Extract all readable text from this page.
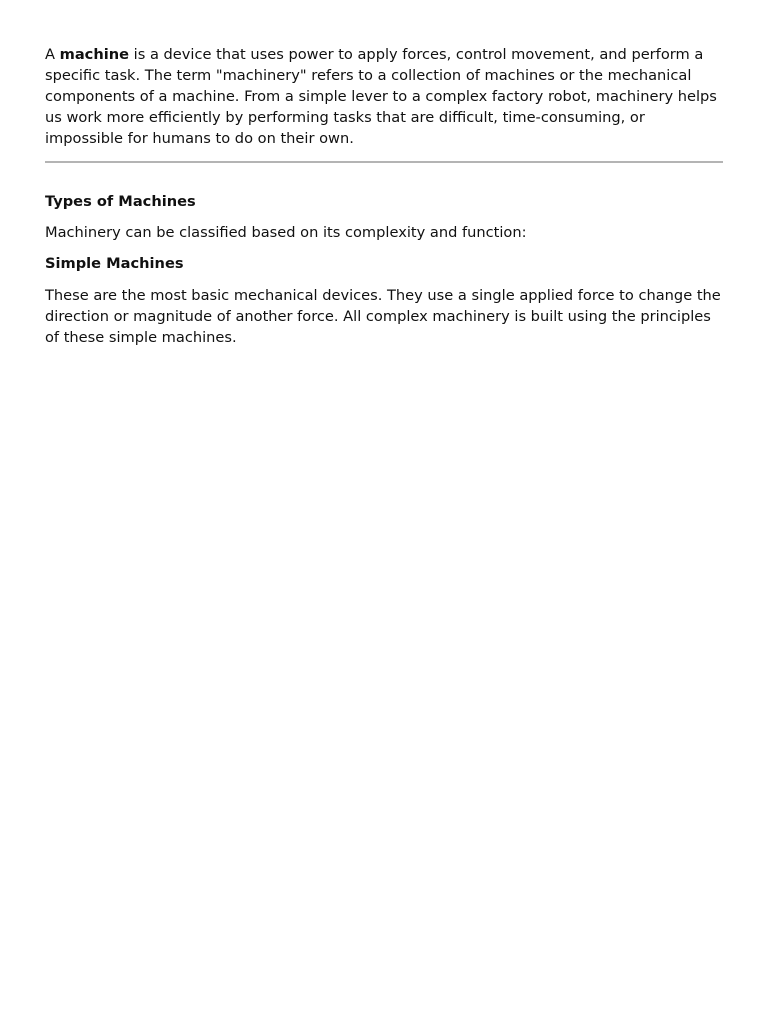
A machine is a device that uses power to apply forces, control movement, and perform a specific task. The term "machinery" refers to a collection of machines or the mechanical components of a machine. From a simple lever to a complex factory robot, machinery helps us work more efficiently by performing tasks that are difficult, time-consuming, or impossible for humans to do on their own.

Types of Machines

Machinery can be classified based on its complexity and function:

Simple Machines

These are the most basic mechanical devices. They use a single applied force to change the direction or magnitude of another force. All complex machinery is built using the principles of these simple machines.
